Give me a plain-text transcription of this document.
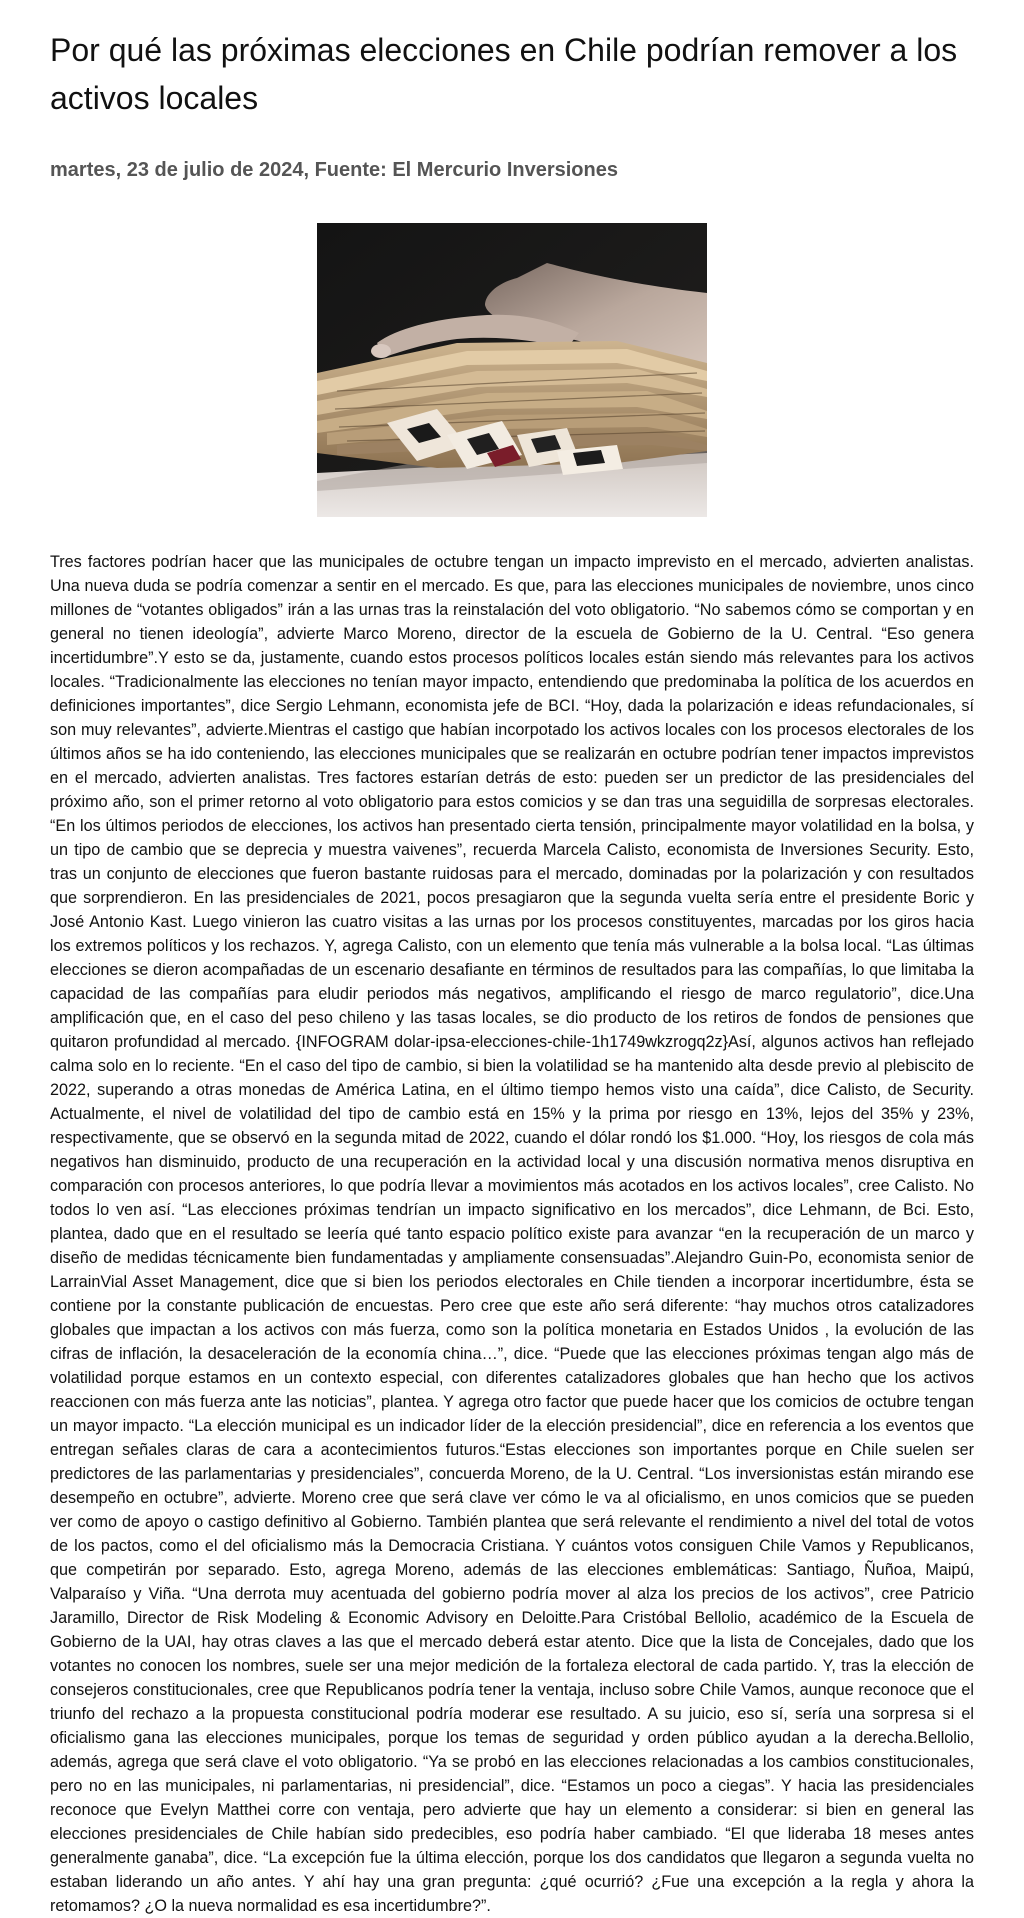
Por qué las próximas elecciones en Chile podrían remover a los activos locales

martes, 23 de julio de 2024, Fuente: El Mercurio Inversiones

Tres factores podrían hacer que las municipales de octubre tengan un impacto imprevisto en el mercado, advierten analistas. Una nueva duda se podría comenzar a sentir en el mercado. Es que, para las elecciones municipales de noviembre, unos cinco millones de “votantes obligados” irán a las urnas tras la reinstalación del voto obligatorio. “No sabemos cómo se comportan y en general no tienen ideología”, advierte Marco Moreno, director de la escuela de Gobierno de la U. Central. “Eso genera incertidumbre”.Y esto se da, justamente, cuando estos procesos políticos locales están siendo más relevantes para los activos locales. “Tradicionalmente las elecciones no tenían mayor impacto, entendiendo que predominaba la política de los acuerdos en definiciones importantes”, dice Sergio Lehmann, economista jefe de BCI. “Hoy, dada la polarización e ideas refundacionales, sí son muy relevantes”, advierte.Mientras el castigo que habían incorpotado los activos locales con los procesos electorales de los últimos años se ha ido conteniendo, las elecciones municipales que se realizarán en octubre podrían tener impactos imprevistos en el mercado, advierten analistas. Tres factores estarían detrás de esto: pueden ser un predictor de las presidenciales del próximo año, son el primer retorno al voto obligatorio para estos comicios y se dan tras una seguidilla de sorpresas electorales. “En los últimos periodos de elecciones, los activos han presentado cierta tensión, principalmente mayor volatilidad en la bolsa, y un tipo de cambio que se deprecia y muestra vaivenes”, recuerda Marcela Calisto, economista de Inversiones Security. Esto, tras un conjunto de elecciones que fueron bastante ruidosas para el mercado, dominadas por la polarización y con resultados que sorprendieron. En las presidenciales de 2021, pocos presagiaron que la segunda vuelta sería entre el presidente Boric y José Antonio Kast. Luego vinieron las cuatro visitas a las urnas por los procesos constituyentes, marcadas por los giros hacia los extremos políticos y los rechazos. Y, agrega Calisto, con un elemento que tenía más vulnerable a la bolsa local. “Las últimas elecciones se dieron acompañadas de un escenario desafiante en términos de resultados para las compañías, lo que limitaba la capacidad de las compañías para eludir periodos más negativos, amplificando el riesgo de marco regulatorio”, dice.Una amplificación que, en el caso del peso chileno y las tasas locales, se dio producto de los retiros de fondos de pensiones que quitaron profundidad al mercado. {INFOGRAM dolar-ipsa-elecciones-chile-1h1749wkzrogq2z}Así, algunos activos han reflejado calma solo en lo reciente. “En el caso del tipo de cambio, si bien la volatilidad se ha mantenido alta desde previo al plebiscito de 2022, superando a otras monedas de América Latina, en el último tiempo hemos visto una caída”, dice Calisto, de Security. Actualmente, el nivel de volatilidad del tipo de cambio está en 15% y la prima por riesgo en 13%, lejos del 35% y 23%, respectivamente, que se observó en la segunda mitad de 2022, cuando el dólar rondó los $1.000. “Hoy, los riesgos de cola más negativos han disminuido, producto de una recuperación en la actividad local y una discusión normativa menos disruptiva en comparación con procesos anteriores, lo que podría llevar a movimientos más acotados en los activos locales”, cree Calisto. No todos lo ven así. “Las elecciones próximas tendrían un impacto significativo en los mercados”, dice Lehmann, de Bci. Esto, plantea, dado que en el resultado se leería qué tanto espacio político existe para avanzar “en la recuperación de un marco y diseño de medidas técnicamente bien fundamentadas y ampliamente consensuadas”.Alejandro Guin-Po, economista senior de LarrainVial Asset Management, dice que si bien los periodos electorales en Chile tienden a incorporar incertidumbre, ésta se contiene por la constante publicación de encuestas. Pero cree que este año será diferente: “hay muchos otros catalizadores globales que impactan a los activos con más fuerza, como son la política monetaria en Estados Unidos , la evolución de las cifras de inflación, la desaceleración de la economía china…”, dice. “Puede que las elecciones próximas tengan algo más de volatilidad porque estamos en un contexto especial, con diferentes catalizadores globales que han hecho que los activos reaccionen con más fuerza ante las noticias”, plantea. Y agrega otro factor que puede hacer que los comicios de octubre tengan un mayor impacto. “La elección municipal es un indicador líder de la elección presidencial”, dice en referencia a los eventos que entregan señales claras de cara a acontecimientos futuros.“Estas elecciones son importantes porque en Chile suelen ser predictores de las parlamentarias y presidenciales”, concuerda Moreno, de la U. Central. “Los inversionistas están mirando ese desempeño en octubre”, advierte. Moreno cree que será clave ver cómo le va al oficialismo, en unos comicios que se pueden ver como de apoyo o castigo definitivo al Gobierno. También plantea que será relevante el rendimiento a nivel del total de votos de los pactos, como el del oficialismo más la Democracia Cristiana. Y cuántos votos consiguen Chile Vamos y Republicanos, que competirán por separado. Esto, agrega Moreno, además de las elecciones emblemáticas: Santiago, Ñuñoa, Maipú, Valparaíso y Viña. “Una derrota muy acentuada del gobierno podría mover al alza los precios de los activos”, cree Patricio Jaramillo, Director de Risk Modeling & Economic Advisory en Deloitte.Para Cristóbal Bellolio, académico de la Escuela de Gobierno de la UAI, hay otras claves a las que el mercado deberá estar atento. Dice que la lista de Concejales, dado que los votantes no conocen los nombres, suele ser una mejor medición de la fortaleza electoral de cada partido. Y, tras la elección de consejeros constitucionales, cree que Republicanos podría tener la ventaja, incluso sobre Chile Vamos, aunque reconoce que el triunfo del rechazo a la propuesta constitucional podría moderar ese resultado. A su juicio, eso sí, sería una sorpresa si el oficialismo gana las elecciones municipales, porque los temas de seguridad y orden público ayudan a la derecha.Bellolio, además, agrega que será clave el voto obligatorio. “Ya se probó en las elecciones relacionadas a los cambios constitucionales, pero no en las municipales, ni parlamentarias, ni presidencial”, dice. “Estamos un poco a ciegas”. Y hacia las presidenciales reconoce que Evelyn Matthei corre con ventaja, pero advierte que hay un elemento a considerar: si bien en general las elecciones presidenciales de Chile habían sido predecibles, eso podría haber cambiado. “El que lideraba 18 meses antes generalmente ganaba”, dice. “La excepción fue la última elección, porque los dos candidatos que llegaron a segunda vuelta no estaban liderando un año antes. Y ahí hay una gran pregunta: ¿qué ocurrió? ¿Fue una excepción a la regla y ahora la retomamos? ¿O la nueva normalidad es esa incertidumbre?”.
